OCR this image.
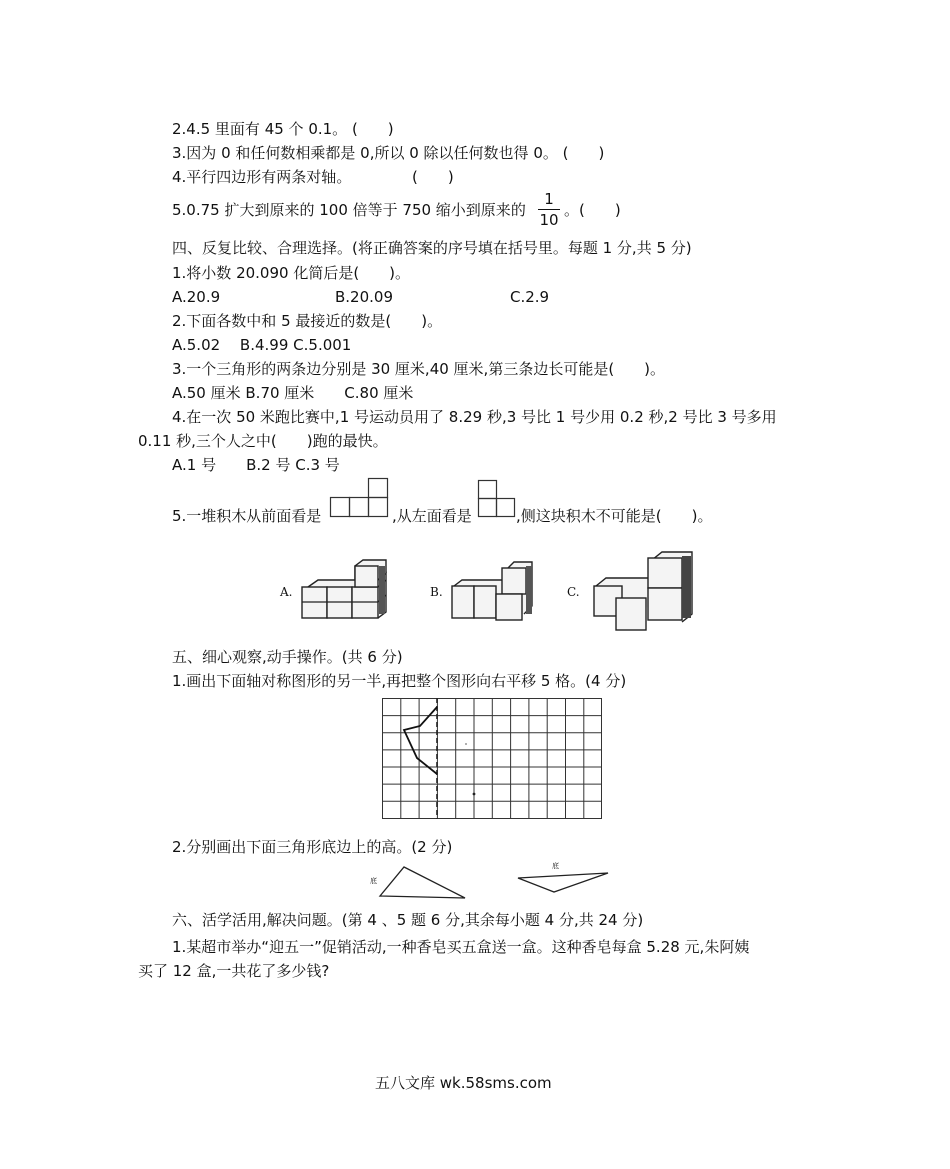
2.4.5 里面有 45 个 0.1。 (　　)
3.因为 0 和任何数相乘都是 0,所以 0 除以任何数也得 0。 (　　)
4.平行四边形有两条对轴。	(　　)
5.0.75 扩大到原来的 100 倍等于 750 缩小到原来的
1
10
。(　　)
四、反复比较、合理选择。(将正确答案的序号填在括号里。每题 1 分,共 5 分)
1.将小数 20.090 化简后是(　　)。
A.20.9	B.20.09	C.2.9
2.下面各数中和 5 最接近的数是(　　)。
A.5.02　 B.4.99 C.5.001
3.一个三角形的两条边分别是 30 厘米,40 厘米,第三条边长可能是(　　)。
A.50 厘米 B.70 厘米　　C.80 厘米
4.在一次 50 米跑比赛中,1 号运动员用了 8.29 秒,3 号比 1 号少用 0.2 秒,2 号比 3 号多用
0.11 秒,三个人之中(　　)跑的最快。
A.1 号　　B.2 号 C.3 号
5.一堆积木从前面看是	,从左面看是	,侧这块积木不可能是(　　)。
A.	B.	C.
五、细心观察,动手操作。(共 6 分)
1.画出下面轴对称图形的另一半,再把整个图形向右平移 5 格。(4 分)
2.分别画出下面三角形底边上的高。(2 分)
底
底
六、活学活用,解决问题。(第 4 、5 题 6 分,其余每小题 4 分,共 24 分)
1.某超市举办“迎五一”促销活动,一种香皂买五盒送一盒。这种香皂每盒 5.28 元,朱阿姨
买了 12 盒,一共花了多少钱?
五八文库 wk.58sms.com
